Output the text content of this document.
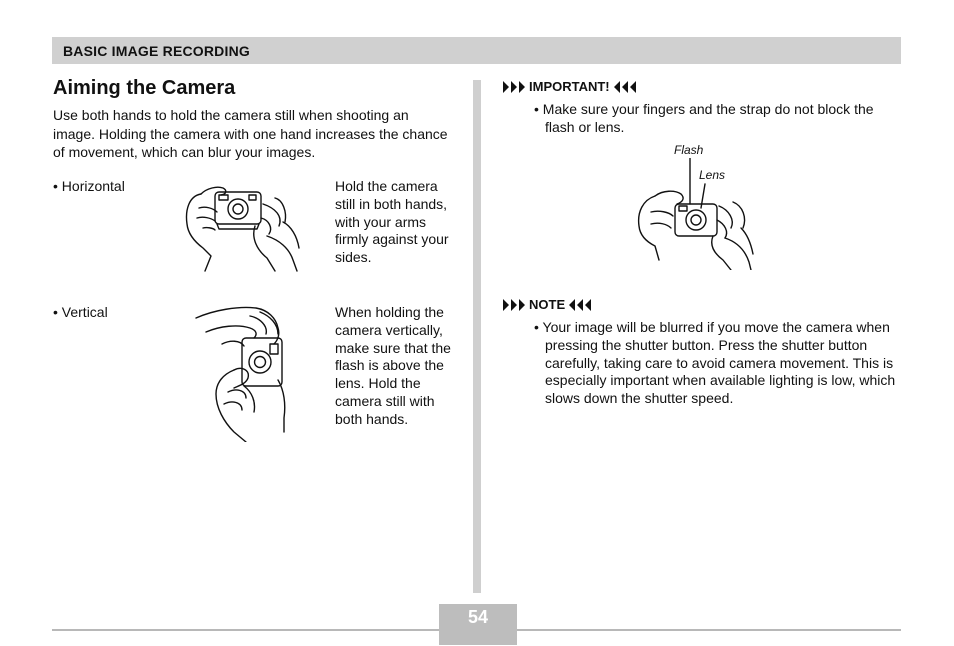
BASIC IMAGE RECORDING
Aiming the Camera

Use both hands to hold the camera still when shooting an image. Holding the camera with one hand increases the chance of movement, which can blur your images.

• Horizontal	Hold the camera still in both hands, with your arms firmly against your sides.

• Vertical	When holding the camera vertically, make sure that the flash is above the lens. Hold the camera still with both hands.

IMPORTANT!

• Make sure your fingers and the strap do not block the flash or lens.

Flash
Lens
NOTE

• Your image will be blurred if you move the camera when pressing the shutter button. Press the shutter button carefully, taking care to avoid camera movement. This is especially important when available lighting is low, which slows down the shutter speed.

54
